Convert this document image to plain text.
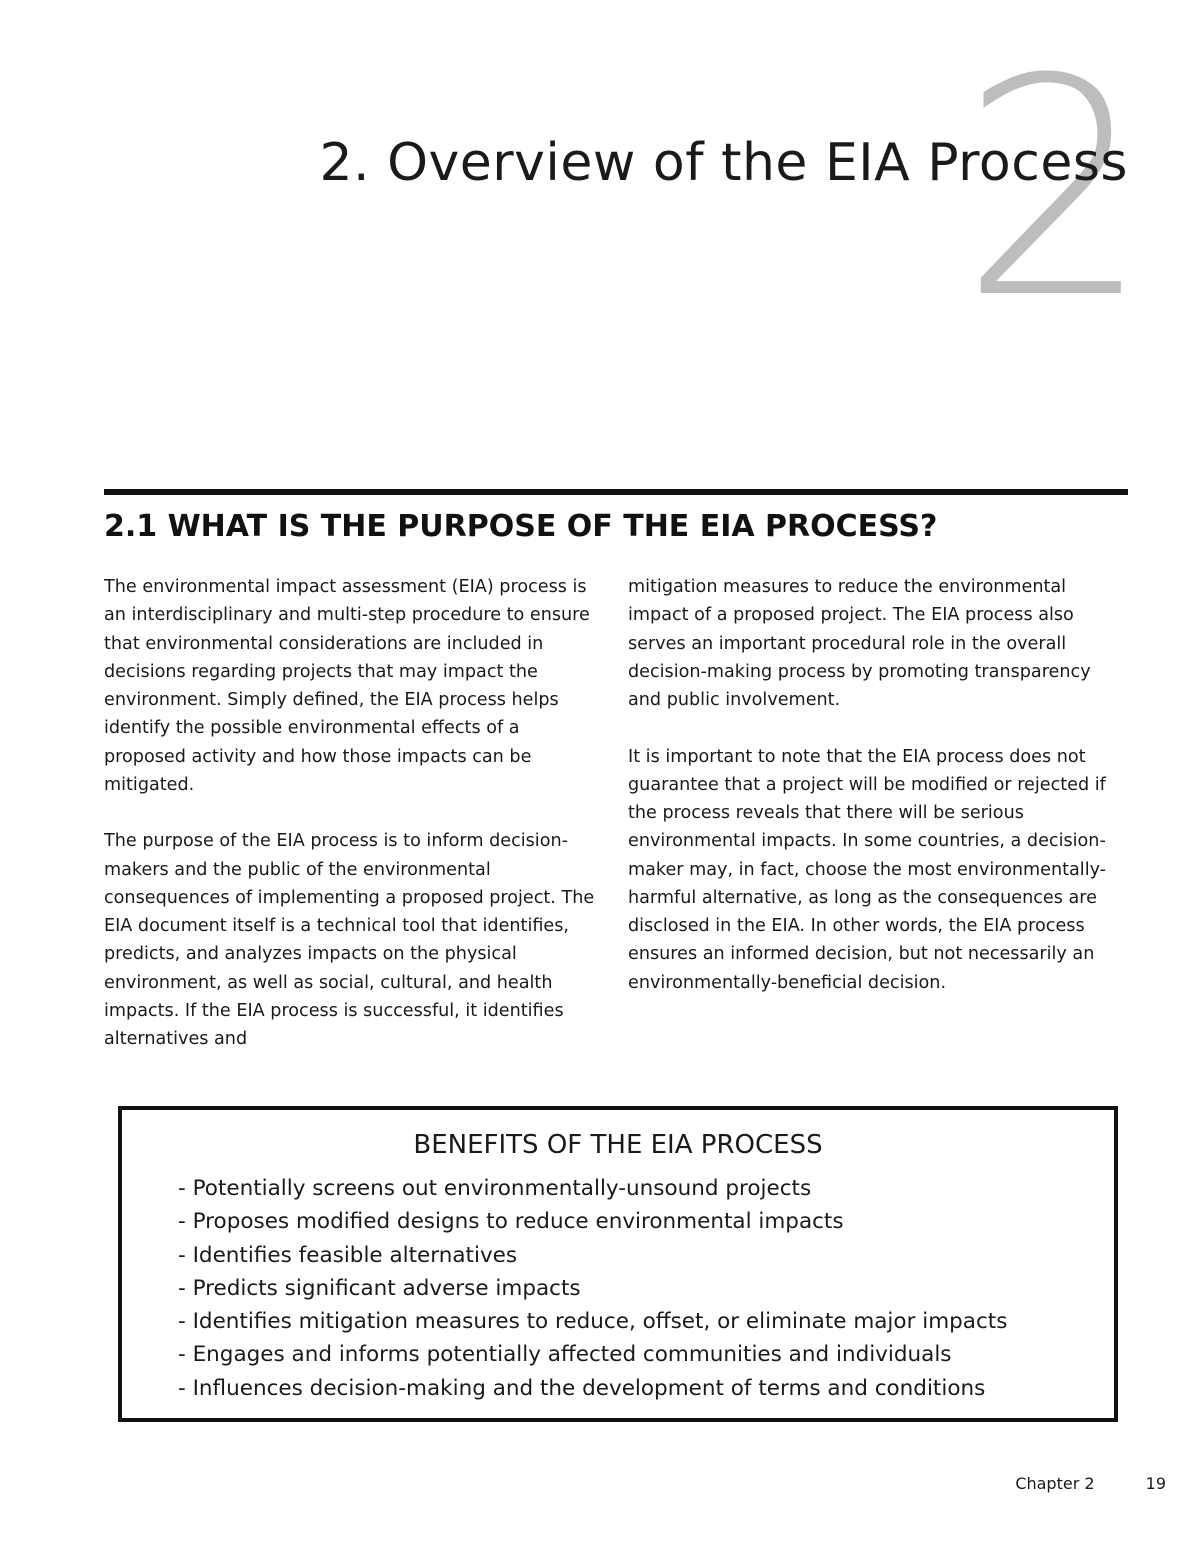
2
2. Overview of the EIA Process
2.1 WHAT IS THE PURPOSE OF THE EIA PROCESS?

The environmental impact assessment (EIA) process is an interdisciplinary and multi-step procedure to ensure that environmental considerations are included in decisions regarding projects that may impact the environment. Simply defined, the EIA process helps identify the possible environmental effects of a proposed activity and how those impacts can be mitigated.

The purpose of the EIA process is to inform decision-makers and the public of the environmental consequences of implementing a proposed project. The EIA document itself is a technical tool that identifies, predicts, and analyzes impacts on the physical environment, as well as social, cultural, and health impacts. If the EIA process is successful, it identifies alternatives and

mitigation measures to reduce the environmental impact of a proposed project. The EIA process also serves an important procedural role in the overall decision-making process by promoting transparency and public involvement.

It is important to note that the EIA process does not guarantee that a project will be modified or rejected if the process reveals that there will be serious environmental impacts. In some countries, a decision-maker may, in fact, choose the most environmentally-harmful alternative, as long as the consequences are disclosed in the EIA. In other words, the EIA process ensures an informed decision, but not necessarily an environmentally-beneficial decision.

BENEFITS OF THE EIA PROCESS
- Potentially screens out environmentally-unsound projects
- Proposes modified designs to reduce environmental impacts
- Identifies feasible alternatives
- Predicts significant adverse impacts
- Identifies mitigation measures to reduce, offset, or eliminate major impacts
- Engages and informs potentially affected communities and individuals
- Influences decision-making and the development of terms and conditions
Chapter 2	19
